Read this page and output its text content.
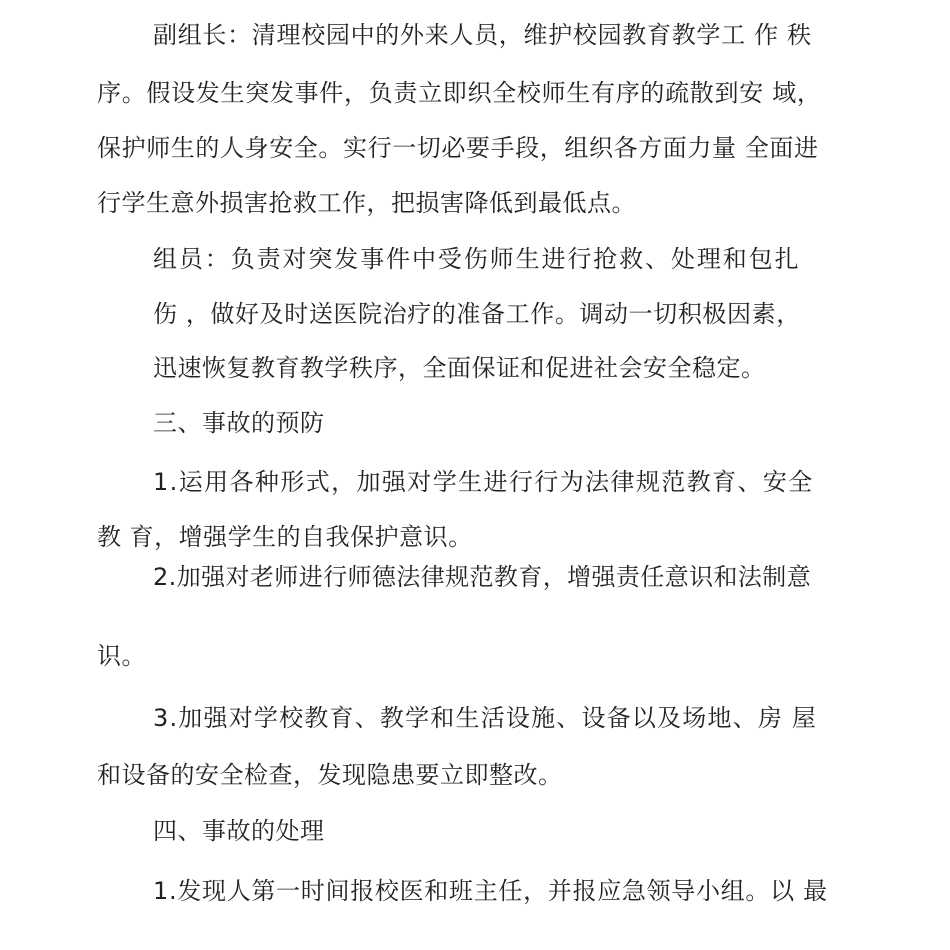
副组长：清理校园中的外来人员，维护校园教育教学工 作 秩
序。假设发生突发事件，负责立即织全校师生有序的疏散到安 域，
保护师生的人身安全。实行一切必要手段，组织各方面力量 全面进
行学生意外损害抢救工作，把损害降低到最低点。
组员：负责对突发事件中受伤师生进行抢救、处理和包扎
伤 ，做好及时送医院治疗的准备工作。调动一切积极因素，
迅速恢复教育教学秩序，全面保证和促进社会安全稳定。
三、事故的预防
1.运用各种形式，加强对学生进行行为法律规范教育、安全
教 育，增强学生的自我保护意识。
2.加强对老师进行师德法律规范教育，增强责任意识和法制意
识。
3.加强对学校教育、教学和生活设施、设备以及场地、房 屋
和设备的安全检查，发现隐患要立即整改。
四、事故的处理
1.发现人第一时间报校医和班主任，并报应急领导小组。以 最
